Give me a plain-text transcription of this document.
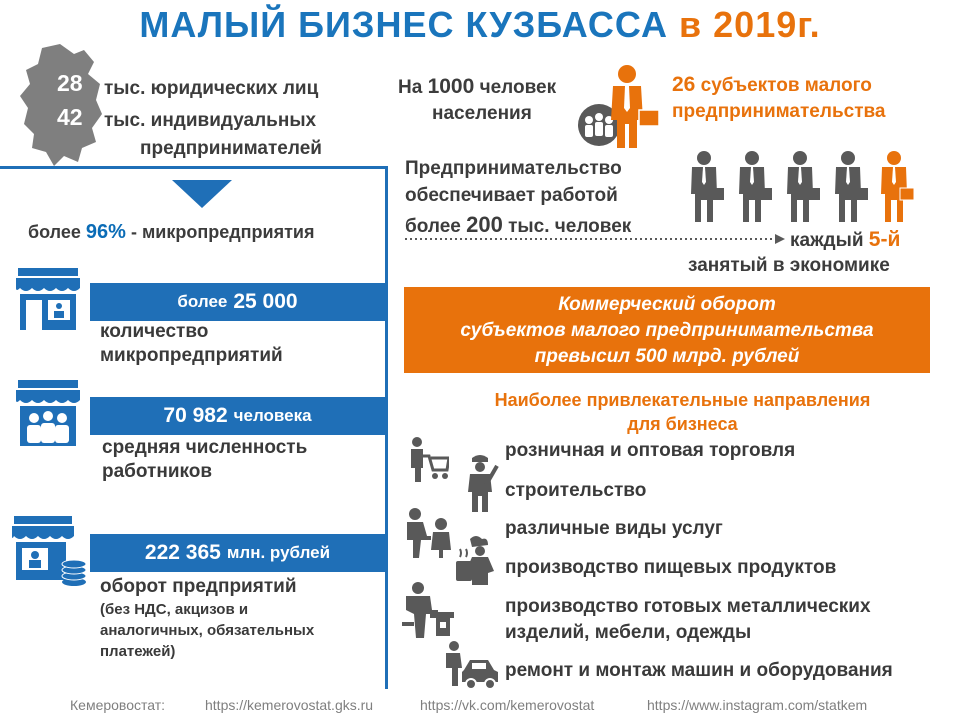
МАЛЫЙ БИЗНЕС КУЗБАССА в 2019г.
28
42
тыс. юридических лиц
тыс. индивидуальных
предпринимателей
более 96% - микропредприятия
более 25 000
количество
микропредприятий
70 982 человека
средняя численность
работников
222 365 млн. рублей
оборот предприятий
(без НДС, акцизов и
аналогичных, обязательных
платежей)
На 1000 человек
населения
26 субъектов малого
предпринимательства
Предпринимательство
обеспечивает работой
более 200 тыс. человек
каждый 5-й
занятый в экономике
Коммерческий оборот
субъектов малого предпринимательства
превысил 500 млрд. рублей
Наиболее привлекательные направления
для бизнеса
розничная и оптовая торговля
строительство
различные виды услуг
производство пищевых продуктов
производство готовых металлических
изделий, мебели, одежды
ремонт и монтаж машин и оборудования
Кемеровостат:	https://kemerovostat.gks.ru	https://vk.com/kemerovostat	https://www.instagram.com/statkem
